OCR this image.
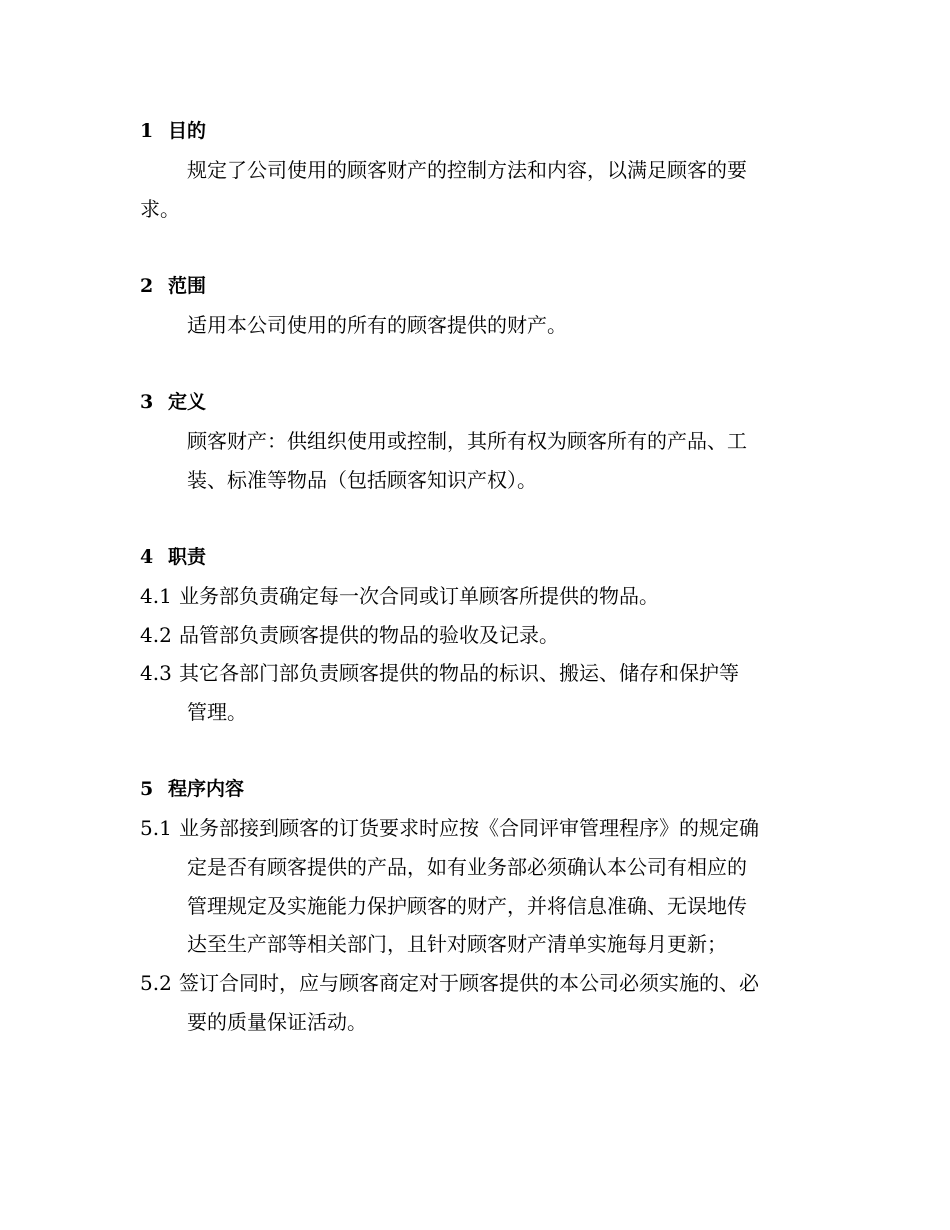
1 目的
规定了公司使用的顾客财产的控制方法和内容，以满足顾客的要
求。
2 范围
适用本公司使用的所有的顾客提供的财产。
3 定义
顾客财产：供组织使用或控制，其所有权为顾客所有的产品、工
装、标准等物品（包括顾客知识产权）。
4 职责
4.1 业务部负责确定每一次合同或订单顾客所提供的物品。
4.2 品管部负责顾客提供的物品的验收及记录。
4.3 其它各部门部负责顾客提供的物品的标识、搬运、储存和保护等
管理。
5 程序内容
5.1 业务部接到顾客的订货要求时应按《合同评审管理程序》的规定确
定是否有顾客提供的产品，如有业务部必须确认本公司有相应的
管理规定及实施能力保护顾客的财产，并将信息准确、无误地传
达至生产部等相关部门，且针对顾客财产清单实施每月更新；
5.2 签订合同时，应与顾客商定对于顾客提供的本公司必须实施的、必
要的质量保证活动。
